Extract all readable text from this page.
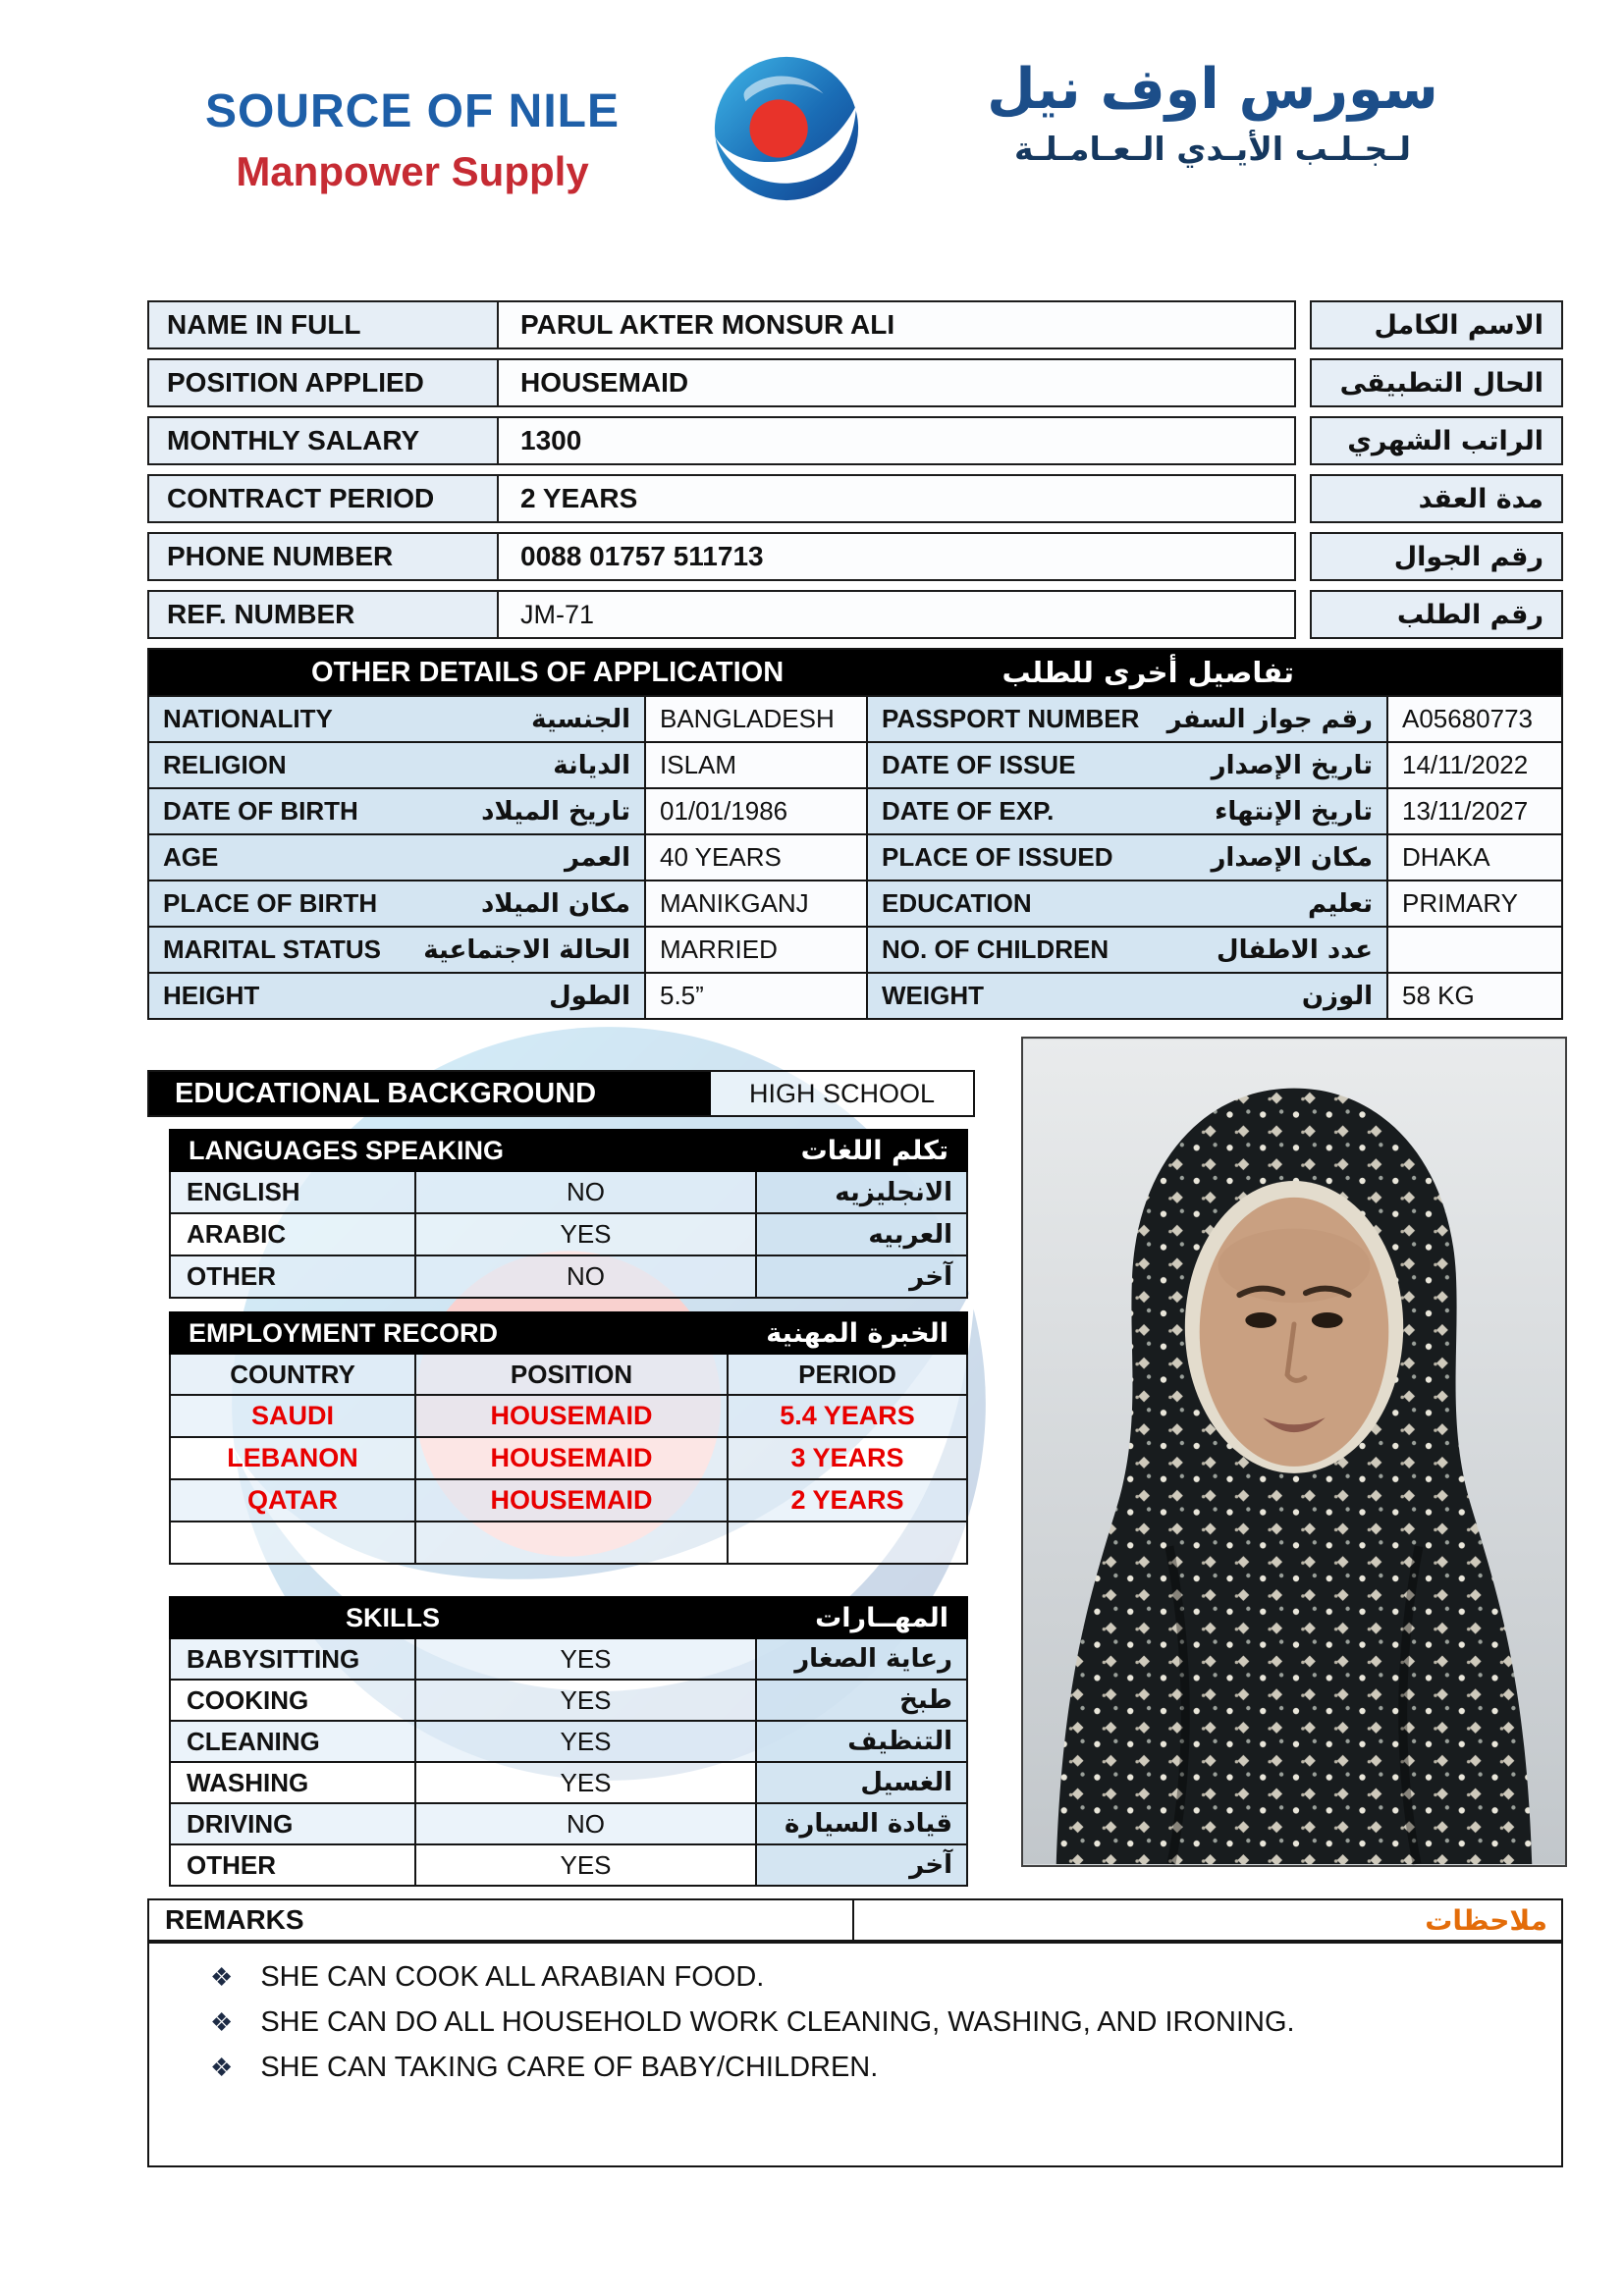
SOURCE OF NILE
Manpower Supply
سورس اوف نيل
لـجـلـب الأيـدي الـعـامـلـة
NAME IN FULL	PARUL AKTER MONSUR ALI	الاسم الكامل
POSITION APPLIED	HOUSEMAID	الحال التطبيقى
MONTHLY SALARY	1300	الراتب الشهري
CONTRACT PERIOD	2 YEARS	مدة العقد
PHONE NUMBER	0088 01757 511713	رقم الجوال
REF. NUMBER	JM-71	رقم الطلب
OTHER DETAILS OF APPLICATION	تفاصيل أخرى للطلب
NATIONALITY	الجنسية	BANGLADESH	PASSPORT NUMBER رقم جواز السفر	A05680773
RELIGION	الديانة	ISLAM	DATE OF ISSUE	تاريخ الإصدار	14/11/2022
DATE OF BIRTH	تاريخ الميلاد	01/01/1986	DATE OF EXP.	تاريخ الإنتهاء	13/11/2027
AGE	العمر	40 YEARS	PLACE OF ISSUED	مكان الإصدار	DHAKA
PLACE OF BIRTH	مكان الميلاد	MANIKGANJ	EDUCATION	تعليم	PRIMARY
MARITAL STATUS الحالة الاجتماعية	MARRIED	NO. OF CHILDREN	عدد الاطفال
HEIGHT	الطول	5.5”	WEIGHT	الوزن	58 KG
EDUCATIONAL BACKGROUND	HIGH SCHOOL
LANGUAGES SPEAKING	تكلم اللغات
ENGLISH	NO	الانجليزيه
ARABIC	YES	العربيه
OTHER	NO	آخر
EMPLOYMENT RECORD	الخبرة المهنية
COUNTRY	POSITION	PERIOD
SAUDI	HOUSEMAID	5.4 YEARS
LEBANON	HOUSEMAID	3 YEARS
QATAR	HOUSEMAID	2 YEARS
SKILLS	المهــارات
BABYSITTING	YES	رعاية الصغار
COOKING	YES	طبخ
CLEANING	YES	التنظيف
WASHING	YES	الغسيل
DRIVING	NO	قيادة السيارة
OTHER	YES	آخر
REMARKS	ملاحظات
❖ SHE CAN COOK ALL ARABIAN FOOD.
❖ SHE CAN DO ALL HOUSEHOLD WORK CLEANING, WASHING, AND IRONING.
❖ SHE CAN TAKING CARE OF BABY/CHILDREN.
